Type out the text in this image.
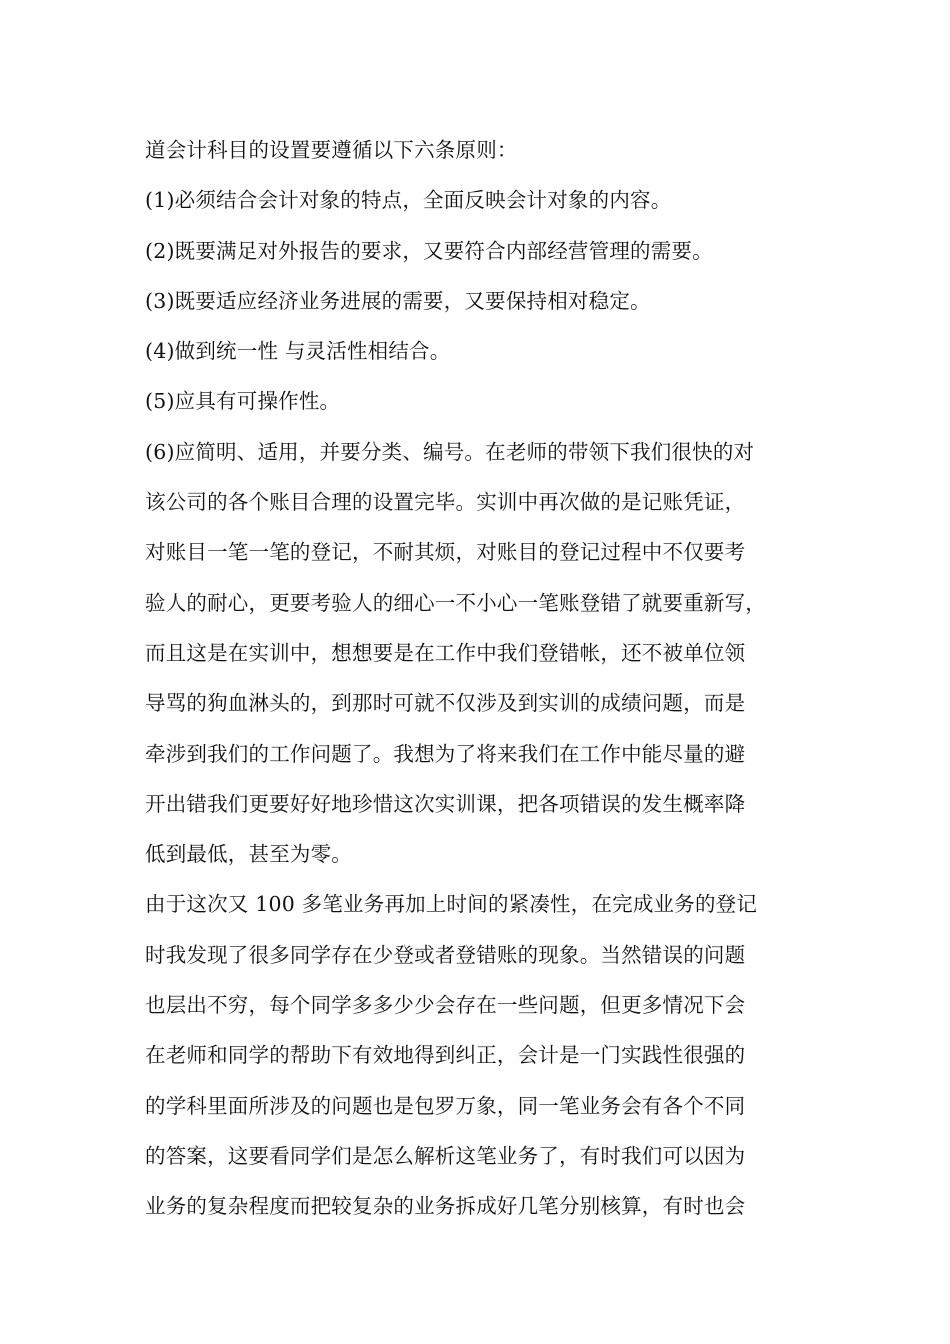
道会计科目的设置要遵循以下六条原则：
(1)必须结合会计对象的特点，全面反映会计对象的内容。
(2)既要满足对外报告的要求，又要符合内部经营管理的需要。
(3)既要适应经济业务进展的需要，又要保持相对稳定。
(4)做到统一性 与灵活性相结合。
(5)应具有可操作性。
(6)应简明、适用，并要分类、编号。在老师的带领下我们很快的对
该公司的各个账目合理的设置完毕。实训中再次做的是记账凭证，
对账目一笔一笔的登记，不耐其烦，对账目的登记过程中不仅要考
验人的耐心，更要考验人的细心一不小心一笔账登错了就要重新写，
而且这是在实训中，想想要是在工作中我们登错帐，还不被单位领
导骂的狗血淋头的，到那时可就不仅涉及到实训的成绩问题，而是
牵涉到我们的工作问题了。我想为了将来我们在工作中能尽量的避
开出错我们更要好好地珍惜这次实训课，把各项错误的发生概率降
低到最低，甚至为零。
由于这次又 100 多笔业务再加上时间的紧凑性，在完成业务的登记
时我发现了很多同学存在少登或者登错账的现象。当然错误的问题
也层出不穷，每个同学多多少少会存在一些问题，但更多情况下会
在老师和同学的帮助下有效地得到纠正，会计是一门实践性很强的
的学科里面所涉及的问题也是包罗万象，同一笔业务会有各个不同
的答案，这要看同学们是怎么解析这笔业务了，有时我们可以因为
业务的复杂程度而把较复杂的业务拆成好几笔分别核算，有时也会
